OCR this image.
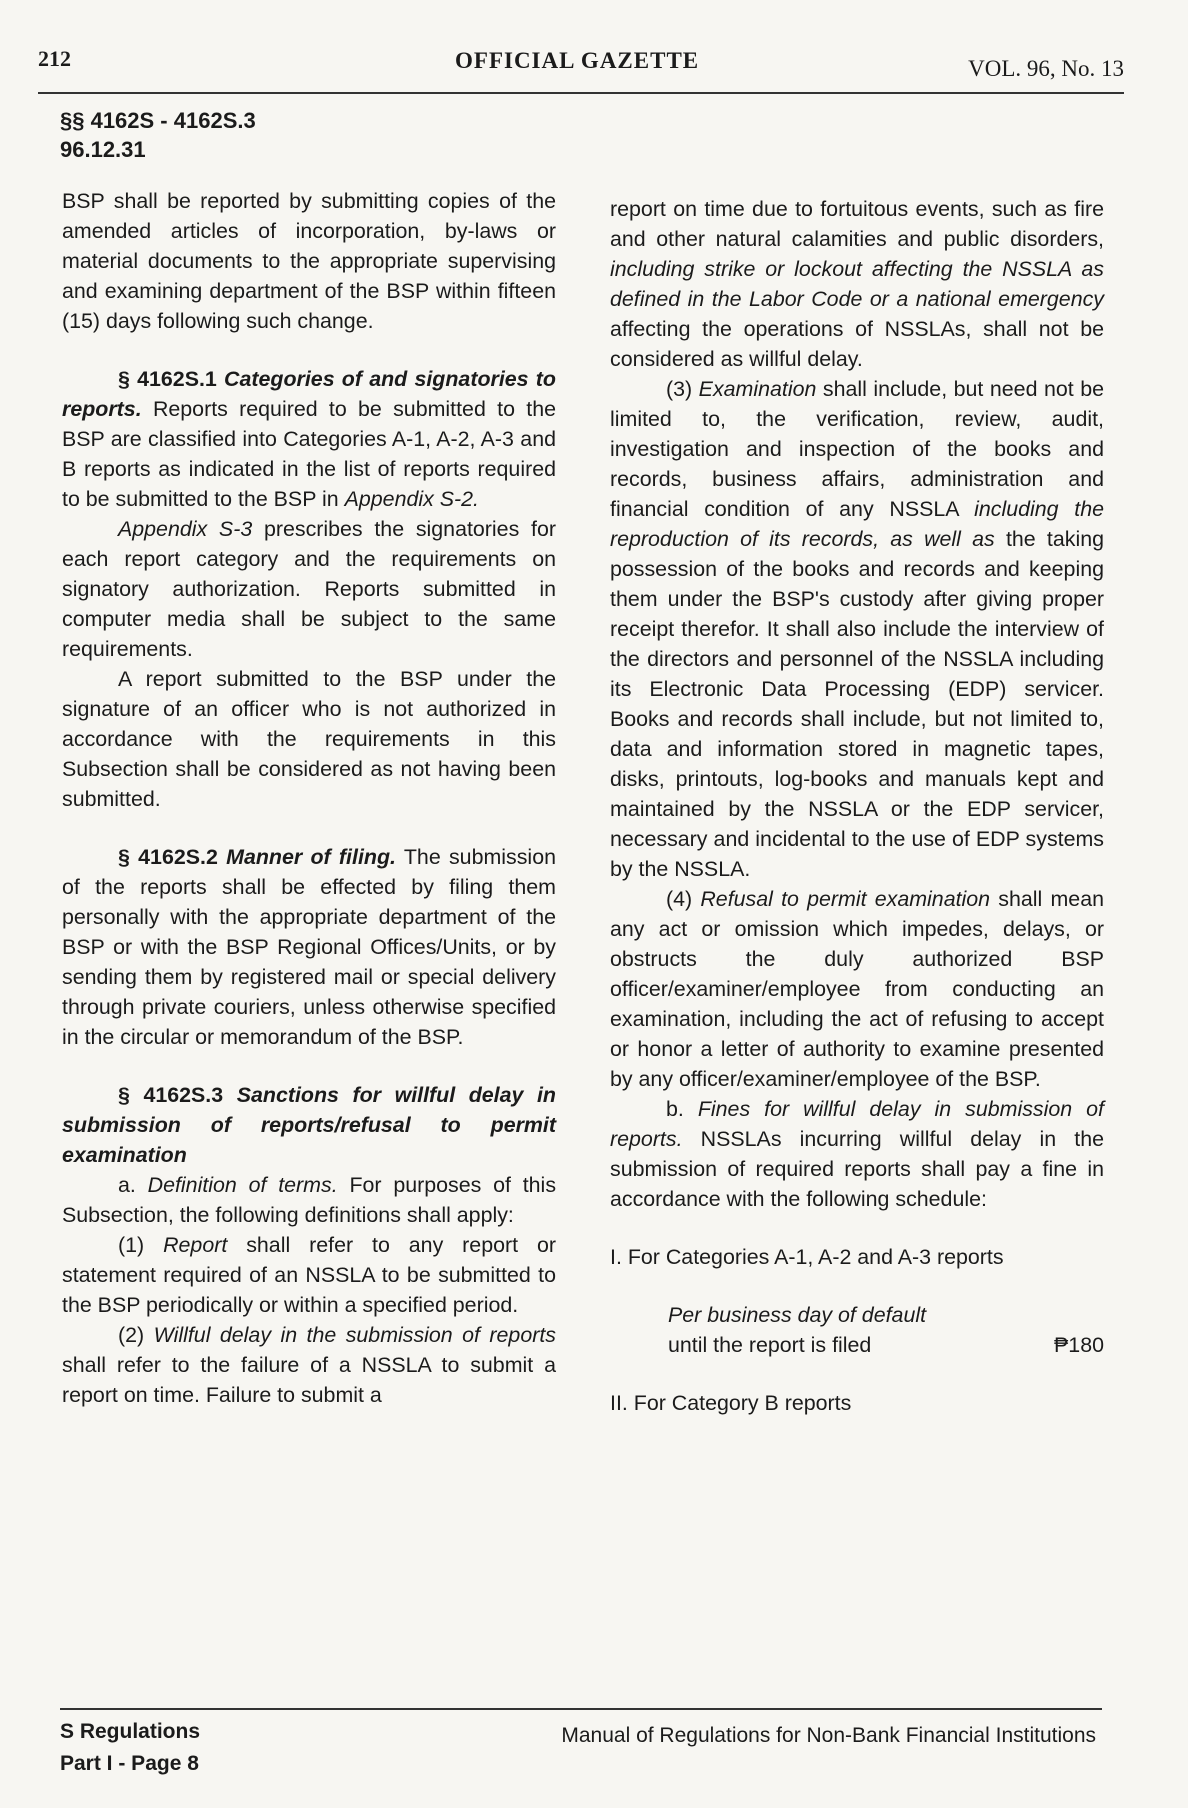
212	OFFICIAL GAZETTE	VOL. 96, No. 13
§§ 4162S - 4162S.3
96.12.31

BSP shall be reported by submitting copies of the amended articles of incorporation, by-laws or material documents to the appropriate supervising and examining department of the BSP within fifteen (15) days following such change.

§ 4162S.1 Categories of and signatories to reports. Reports required to be submitted to the BSP are classified into Categories A-1, A-2, A-3 and B reports as indicated in the list of reports required to be submitted to the BSP in Appendix S-2.

Appendix S-3 prescribes the signatories for each report category and the requirements on signatory authorization. Reports submitted in computer media shall be subject to the same requirements.

A report submitted to the BSP under the signature of an officer who is not authorized in accordance with the requirements in this Subsection shall be considered as not having been submitted.

§ 4162S.2 Manner of filing. The submission of the reports shall be effected by filing them personally with the appropriate department of the BSP or with the BSP Regional Offices/Units, or by sending them by registered mail or special delivery through private couriers, unless otherwise specified in the circular or memorandum of the BSP.

§ 4162S.3 Sanctions for willful delay in submission of reports/refusal to permit examination

a. Definition of terms. For purposes of this Subsection, the following definitions shall apply:

(1) Report shall refer to any report or statement required of an NSSLA to be submitted to the BSP periodically or within a specified period.

(2) Willful delay in the submission of reports shall refer to the failure of a NSSLA to submit a report on time. Failure to submit a

report on time due to fortuitous events, such as fire and other natural calamities and public disorders, including strike or lockout affecting the NSSLA as defined in the Labor Code or a national emergency affecting the operations of NSSLAs, shall not be considered as willful delay.

(3) Examination shall include, but need not be limited to, the verification, review, audit, investigation and inspection of the books and records, business affairs, administration and financial condition of any NSSLA including the reproduction of its records, as well as the taking possession of the books and records and keeping them under the BSP's custody after giving proper receipt therefor. It shall also include the interview of the directors and personnel of the NSSLA including its Electronic Data Processing (EDP) servicer. Books and records shall include, but not limited to, data and information stored in magnetic tapes, disks, printouts, log-books and manuals kept and maintained by the NSSLA or the EDP servicer, necessary and incidental to the use of EDP systems by the NSSLA.

(4) Refusal to permit examination shall mean any act or omission which impedes, delays, or obstructs the duly authorized BSP officer/examiner/employee from conducting an examination, including the act of refusing to accept or honor a letter of authority to examine presented by any officer/examiner/employee of the BSP.

b. Fines for willful delay in submission of reports. NSSLAs incurring willful delay in the submission of required reports shall pay a fine in accordance with the following schedule:

I. For Categories A-1, A-2 and A-3 reports

Per business day of default
until the report is filed	₱180

II. For Category B reports

S Regulations
Part I - Page 8
Manual of Regulations for Non-Bank Financial Institutions
